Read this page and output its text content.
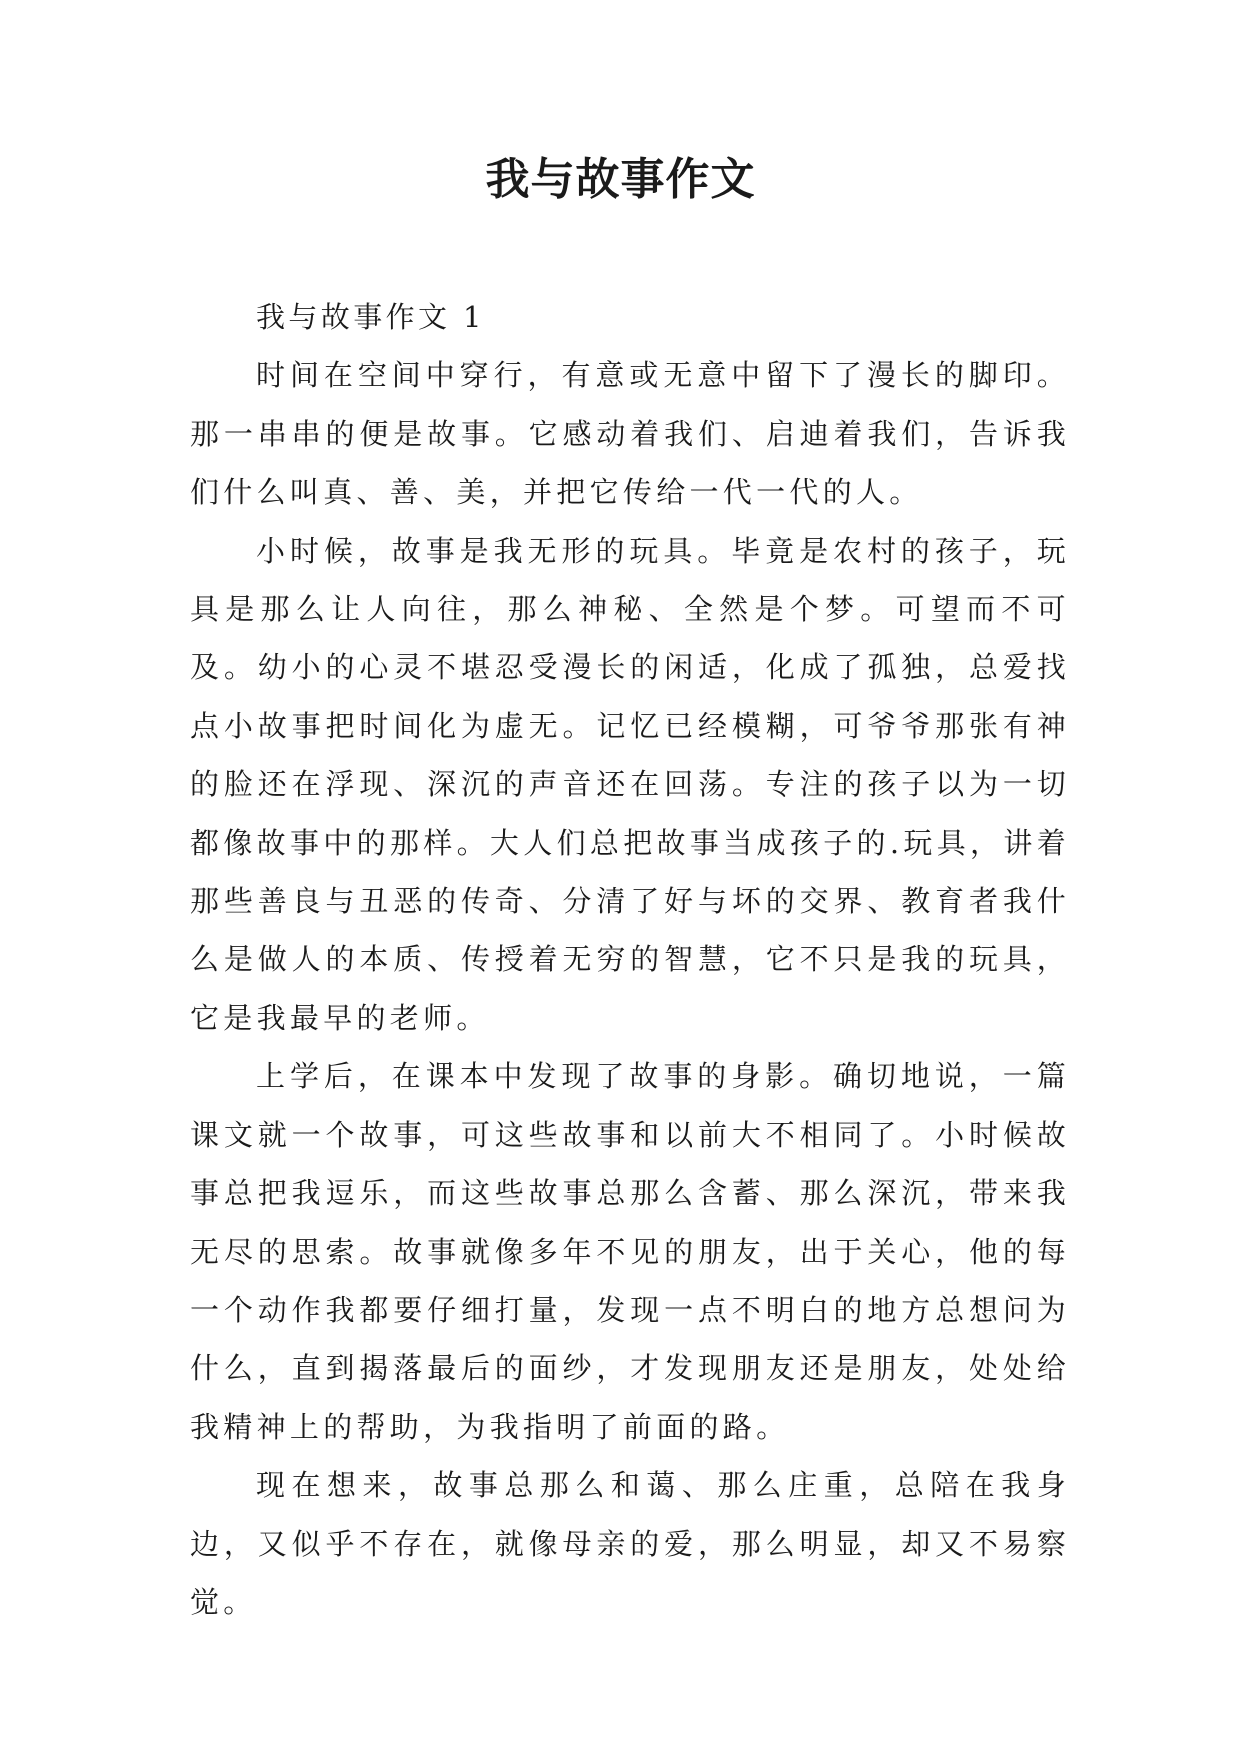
我与故事作文

我与故事作文 1

时间在空间中穿行，有意或无意中留下了漫长的脚印。那一串串的便是故事。它感动着我们、启迪着我们，告诉我们什么叫真、善、美，并把它传给一代一代的人。

小时候，故事是我无形的玩具。毕竟是农村的孩子，玩具是那么让人向往，那么神秘、全然是个梦。可望而不可及。幼小的心灵不堪忍受漫长的闲适，化成了孤独，总爱找点小故事把时间化为虚无。记忆已经模糊，可爷爷那张有神的脸还在浮现、深沉的声音还在回荡。专注的孩子以为一切都像故事中的那样。大人们总把故事当成孩子的.玩具，讲着那些善良与丑恶的传奇、分清了好与坏的交界、教育者我什么是做人的本质、传授着无穷的智慧，它不只是我的玩具，它是我最早的老师。

上学后，在课本中发现了故事的身影。确切地说，一篇课文就一个故事，可这些故事和以前大不相同了。小时候故事总把我逗乐，而这些故事总那么含蓄、那么深沉，带来我无尽的思索。故事就像多年不见的朋友，出于关心，他的每一个动作我都要仔细打量，发现一点不明白的地方总想问为什么，直到揭落最后的面纱，才发现朋友还是朋友，处处给我精神上的帮助，为我指明了前面的路。

现在想来，故事总那么和蔼、那么庄重，总陪在我身边，又似乎不存在，就像母亲的爱，那么明显，却又不易察觉。
